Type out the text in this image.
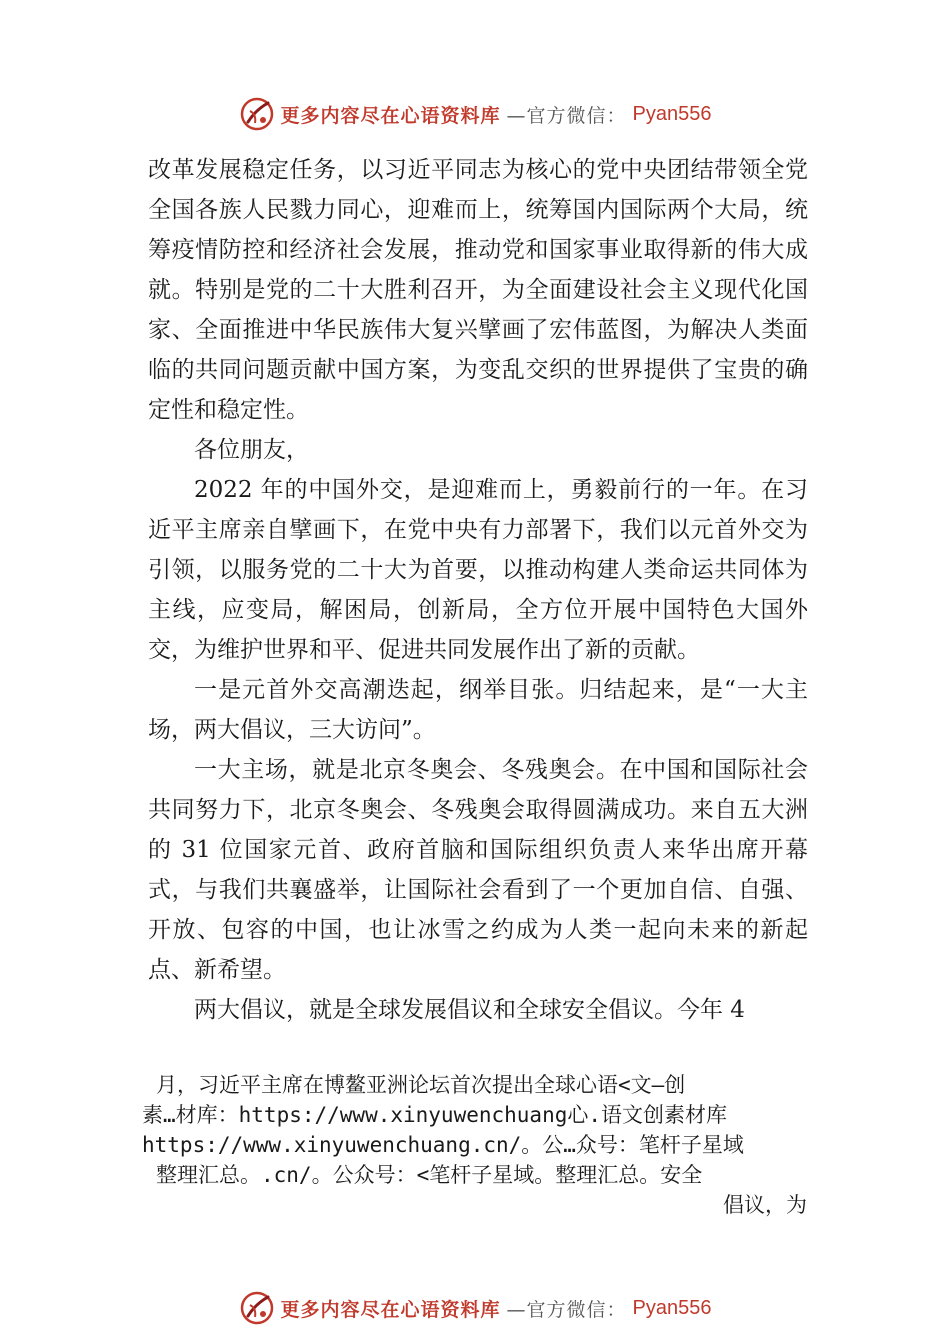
更多内容尽在心语资料库 —官方微信： Pyan556

改革发展稳定任务，以习近平同志为核心的党中央团结带领全党全国各族人民戮力同心，迎难而上，统筹国内国际两个大局，统筹疫情防控和经济社会发展，推动党和国家事业取得新的伟大成就。特别是党的二十大胜利召开，为全面建设社会主义现代化国家、全面推进中华民族伟大复兴擘画了宏伟蓝图，为解决人类面临的共同问题贡献中国方案，为变乱交织的世界提供了宝贵的确定性和稳定性。

各位朋友，

2022 年的中国外交，是迎难而上，勇毅前行的一年。在习近平主席亲自擘画下，在党中央有力部署下，我们以元首外交为引领，以服务党的二十大为首要，以推动构建人类命运共同体为主线，应变局，解困局，创新局，全方位开展中国特色大国外交，为维护世界和平、促进共同发展作出了新的贡献。

一是元首外交高潮迭起，纲举目张。归结起来，是“一大主场，两大倡议，三大访问”。

一大主场，就是北京冬奥会、冬残奥会。在中国和国际社会共同努力下，北京冬奥会、冬残奥会取得圆满成功。来自五大洲的 31 位国家元首、政府首脑和国际组织负责人来华出席开幕式，与我们共襄盛举，让国际社会看到了一个更加自信、自强、开放、包容的中国，也让冰雪之约成为人类一起向未来的新起点、新希望。

两大倡议，就是全球发展倡议和全球安全倡议。今年 4

月，习近平主席在博鳌亚洲论坛首次提出全球心语<文—创
素…材库：https://www.xinyuwenchuang心.语文创素材库
https://www.xinyuwenchuang.cn/。公…众号：笔杆子星域
整理汇总。.cn/。公众号：<笔杆子星域。整理汇总。安全
倡议，为
更多内容尽在心语资料库 —官方微信： Pyan556
